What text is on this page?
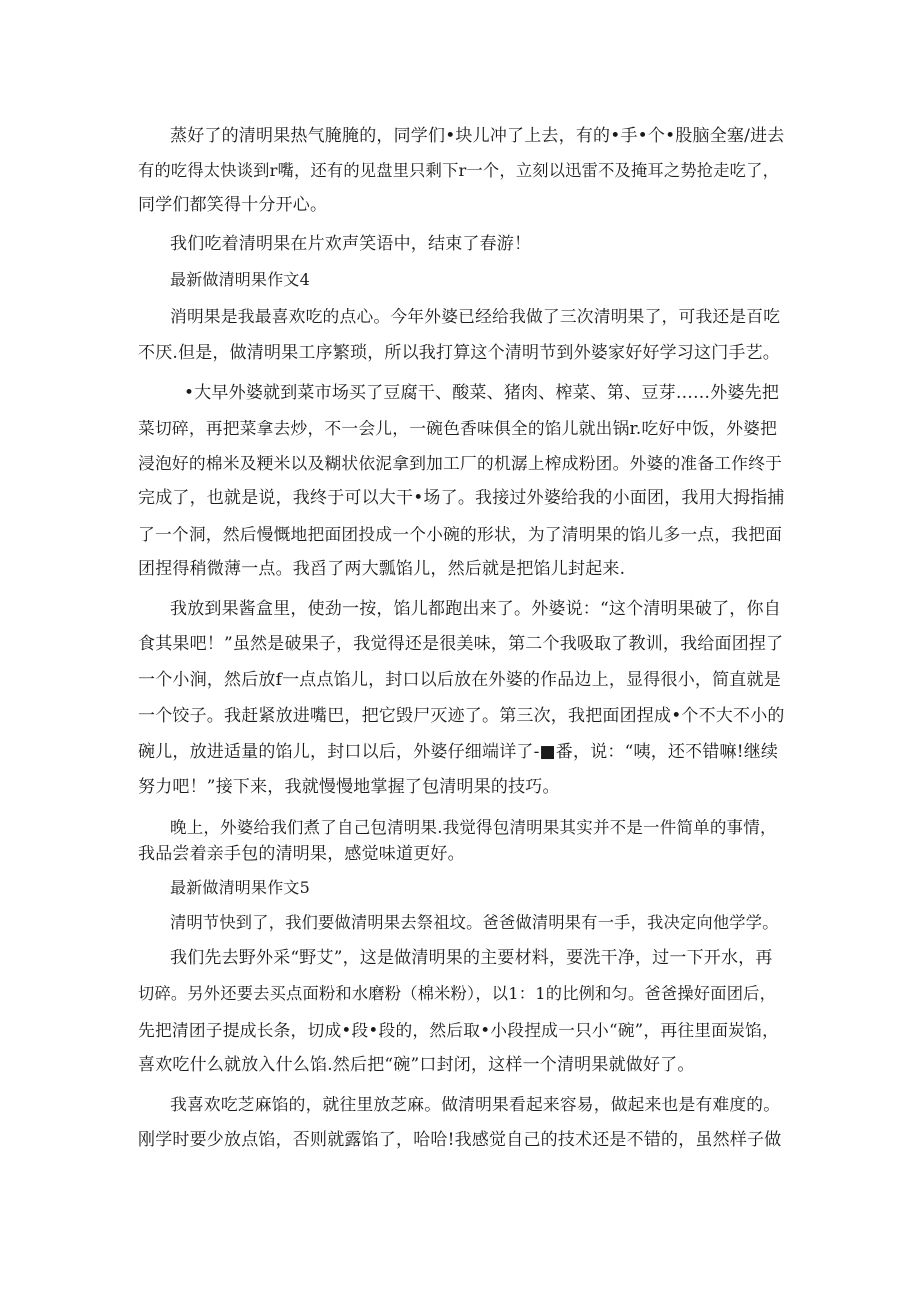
蒸好了的清明果热气腌腌的，同学们•块儿冲了上去，有的•手•个•股脑全塞/进去
有的吃得太快谈到r嘴，还有的见盘里只剩下r一个，立刻以迅雷不及掩耳之势抢走吃了，
同学们都笑得十分开心。
我们吃着清明果在片欢声笑语中，结束了春游！
最新做清明果作文4
消明果是我最喜欢吃的点心。今年外婆已经给我做了三次清明果了，可我还是百吃
不厌.但是，做清明果工序繁琐，所以我打算这个清明节到外婆家好好学习这门手艺。
•大早外婆就到菜市场买了豆腐干、酸菜、猪肉、榨菜、第、豆芽……外婆先把
菜切碎，再把菜拿去炒，不一会儿，一碗色香味俱全的馅儿就出锅r.吃好中饭，外婆把
浸泡好的棉米及粳米以及糊状依泥拿到加工厂的机潺上榨成粉团。外婆的准备工作终于
完成了，也就是说，我终于可以大干•场了。我接过外婆给我的小面团，我用大拇指捕
了一个洞，然后慢慨地把面团投成一个小碗的形状，为了清明果的馅儿多一点，我把面
团捏得稍微薄一点。我舀了两大瓢馅儿，然后就是把馅儿封起来.
我放到果酱盒里，使劲一按，馅儿都跑出来了。外婆说：“这个清明果破了，你自
食其果吧！”虽然是破果子，我觉得还是很美味，第二个我吸取了教训，我给面团捏了
一个小涧，然后放f一点点馅儿，封口以后放在外婆的作品边上，显得很小，简直就是
一个饺子。我赶紧放进嘴巴，把它毁尸灭迹了。第三次，我把面团捏成•个不大不小的
碗儿，放进适量的馅儿，封口以后，外婆仔细端详了-■番，说：“咦，还不错嘛!继续
努力吧！”接下来，我就慢慢地掌握了包清明果的技巧。
晚上，外婆给我们煮了自己包清明果.我觉得包清明果其实并不是一件简单的事情，
我品尝着亲手包的清明果，感觉味道更好。
最新做清明果作文5
清明节快到了，我们要做清明果去祭祖坟。爸爸做清明果有一手，我决定向他学学。
我们先去野外采“野艾”，这是做清明果的主要材料，要洗干净，过一下开水，再
切碎。另外还要去买点面粉和水磨粉（棉米粉），以1：1的比例和匀。爸爸操好面团后，
先把清团子提成长条，切成•段•段的，然后取•小段捏成一只小“碗”，再往里面炭馅，
喜欢吃什么就放入什么馅.然后把“碗”口封闭，这样一个清明果就做好了。
我喜欢吃芝麻馅的，就往里放芝麻。做清明果看起来容易，做起来也是有难度的。
刚学时要少放点馅，否则就露馅了，哈哈!我感觉自己的技术还是不错的，虽然样子做
